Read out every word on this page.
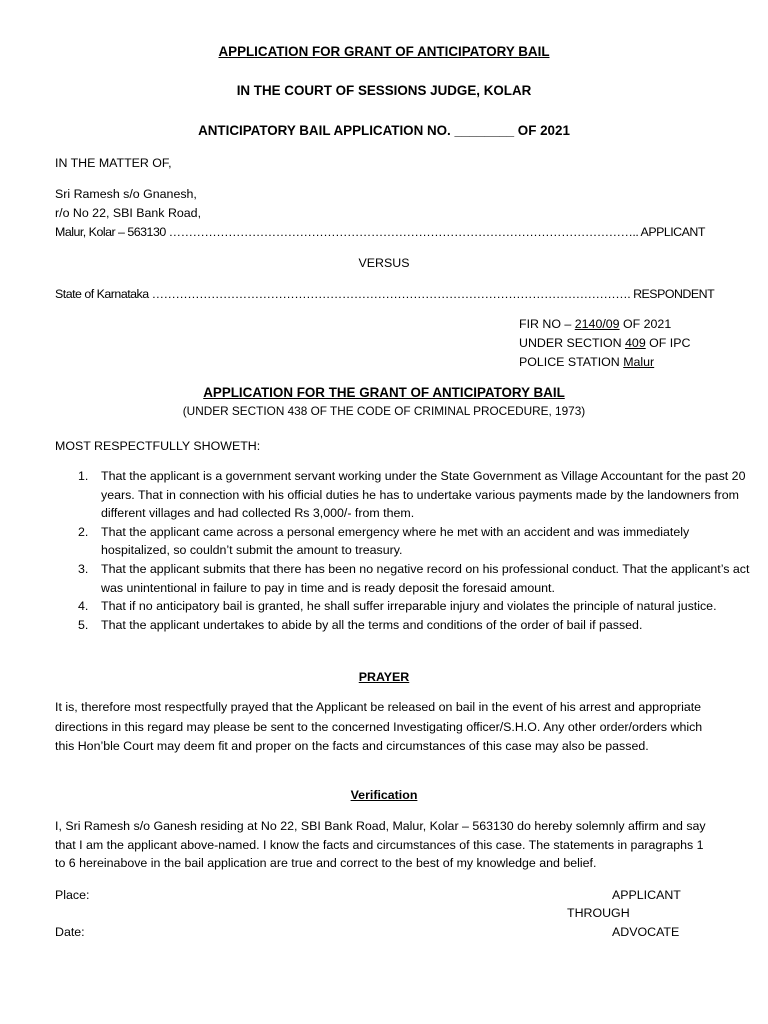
APPLICATION FOR GRANT OF ANTICIPATORY BAIL
IN THE COURT OF SESSIONS JUDGE, KOLAR
ANTICIPATORY BAIL APPLICATION NO. ________ OF 2021
IN THE MATTER OF,
Sri Ramesh s/o Gnanesh,
r/o No 22, SBI Bank Road,
Malur, Kolar – 563130 ……………………………………………………………………………………………………….. APPLICANT
VERSUS
State of Karnataka …………………………………………………………………………………………………………. RESPONDENT
FIR NO – 2140/09 OF 2021
UNDER SECTION 409 OF IPC
POLICE STATION Malur
APPLICATION FOR THE GRANT OF ANTICIPATORY BAIL
(UNDER SECTION 438 OF THE CODE OF CRIMINAL PROCEDURE, 1973)
MOST RESPECTFULLY SHOWETH:
1. That the applicant is a government servant working under the State Government as Village Accountant for the past 20 years. That in connection with his official duties he has to undertake various payments made by the landowners from different villages and had collected Rs 3,000/- from them.
2. That the applicant came across a personal emergency where he met with an accident and was immediately hospitalized, so couldn’t submit the amount to treasury.
3. That the applicant submits that there has been no negative record on his professional conduct. That the applicant’s act was unintentional in failure to pay in time and is ready deposit the foresaid amount.
4. That if no anticipatory bail is granted, he shall suffer irreparable injury and violates the principle of natural justice.
5. That the applicant undertakes to abide by all the terms and conditions of the order of bail if passed.
PRAYER
It is, therefore most respectfully prayed that the Applicant be released on bail in the event of his arrest and appropriate directions in this regard may please be sent to the concerned Investigating officer/S.H.O. Any other order/orders which this Hon’ble Court may deem fit and proper on the facts and circumstances of this case may also be passed.
Verification
I, Sri Ramesh s/o Ganesh residing at No 22, SBI Bank Road, Malur, Kolar – 563130 do hereby solemnly affirm and say that I am the applicant above-named. I know the facts and circumstances of this case. The statements in paragraphs 1 to 6 hereinabove in the bail application are true and correct to the best of my knowledge and belief.
Place:	APPLICANT
THROUGH
Date:	ADVOCATE
